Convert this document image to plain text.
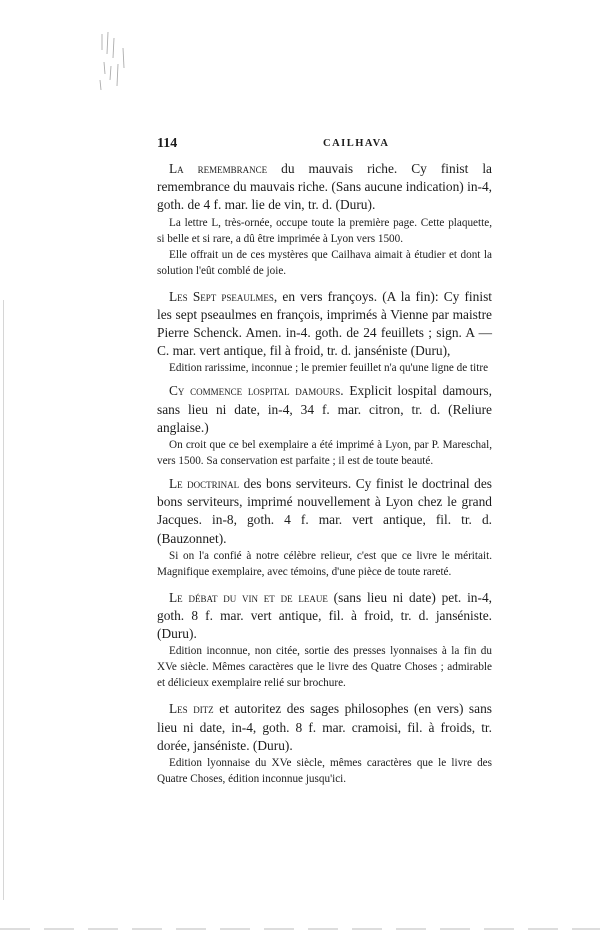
114	CAILHAVA

La remembrance du mauvais riche. Cy finist la remembrance du mauvais riche. (Sans aucune indication) in-4, goth. de 4 f. mar. lie de vin, tr. d. (Duru).

La lettre L, très-ornée, occupe toute la première page. Cette plaquette, si belle et si rare, a dû être imprimée à Lyon vers 1500.

Elle offrait un de ces mystères que Cailhava aimait à étudier et dont la solution l'eût comblé de joie.

Les Sept pseaulmes, en vers françoys. (A la fin): Cy finist les sept pseaulmes en françois, imprimés à Vienne par maistre Pierre Schenck. Amen. in-4. goth. de 24 feuillets ; sign. A — C. mar. vert antique, fil à froid, tr. d. janséniste (Duru),

Edition rarissime, inconnue ; le premier feuillet n'a qu'une ligne de titre

Cy commence lospital damours. Explicit lospital damours, sans lieu ni date, in-4, 34 f. mar. citron, tr. d. (Reliure anglaise.)

On croit que ce bel exemplaire a été imprimé à Lyon, par P. Mareschal, vers 1500. Sa conservation est parfaite ; il est de toute beauté.

Le doctrinal des bons serviteurs. Cy finist le doctrinal des bons serviteurs, imprimé nouvellement à Lyon chez le grand Jacques. in-8, goth. 4 f. mar. vert antique, fil. tr. d. (Bauzonnet).

Si on l'a confié à notre célèbre relieur, c'est que ce livre le méritait. Magnifique exemplaire, avec témoins, d'une pièce de toute rareté.

Le débat du vin et de leaue (sans lieu ni date) pet. in-4, goth. 8 f. mar. vert antique, fil. à froid, tr. d. janséniste. (Duru).

Edition inconnue, non citée, sortie des presses lyonnaises à la fin du XVe siècle. Mêmes caractères que le livre des Quatre Choses ; admirable et délicieux exemplaire relié sur brochure.

Les ditz et autoritez des sages philosophes (en vers) sans lieu ni date, in-4, goth. 8 f. mar. cramoisi, fil. à froids, tr. dorée, janséniste. (Duru).

Edition lyonnaise du XVe siècle, mêmes caractères que le livre des Quatre Choses, édition inconnue jusqu'ici.
